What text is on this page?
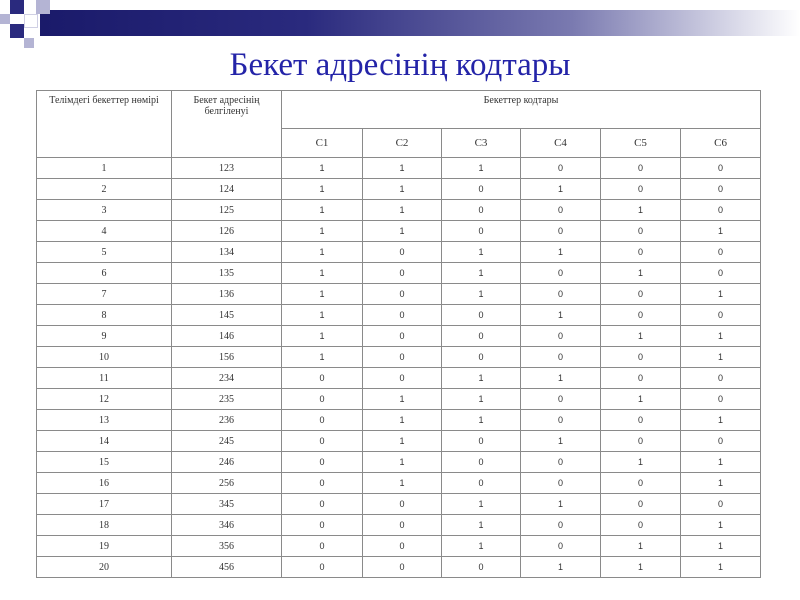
Бекет адресінің кодтары
Телімдегі бекеттер нөмірі	Бекет адресінің белгіленуі	Бекеттер кодтары					
		C1	C2	C3	C4	C5	C6
1	123	1	1	1	0	0	0
2	124	1	1	0	1	0	0
3	125	1	1	0	0	1	0
4	126	1	1	0	0	0	1
5	134	1	0	1	1	0	0
6	135	1	0	1	0	1	0
7	136	1	0	1	0	0	1
8	145	1	0	0	1	0	0
9	146	1	0	0	0	1	1
10	156	1	0	0	0	0	1
11	234	0	0	1	1	0	0
12	235	0	1	1	0	1	0
13	236	0	1	1	0	0	1
14	245	0	1	0	1	0	0
15	246	0	1	0	0	1	1
16	256	0	1	0	0	0	1
17	345	0	0	1	1	0	0
18	346	0	0	1	0	0	1
19	356	0	0	1	0	1	1
20	456	0	0	0	1	1	1
